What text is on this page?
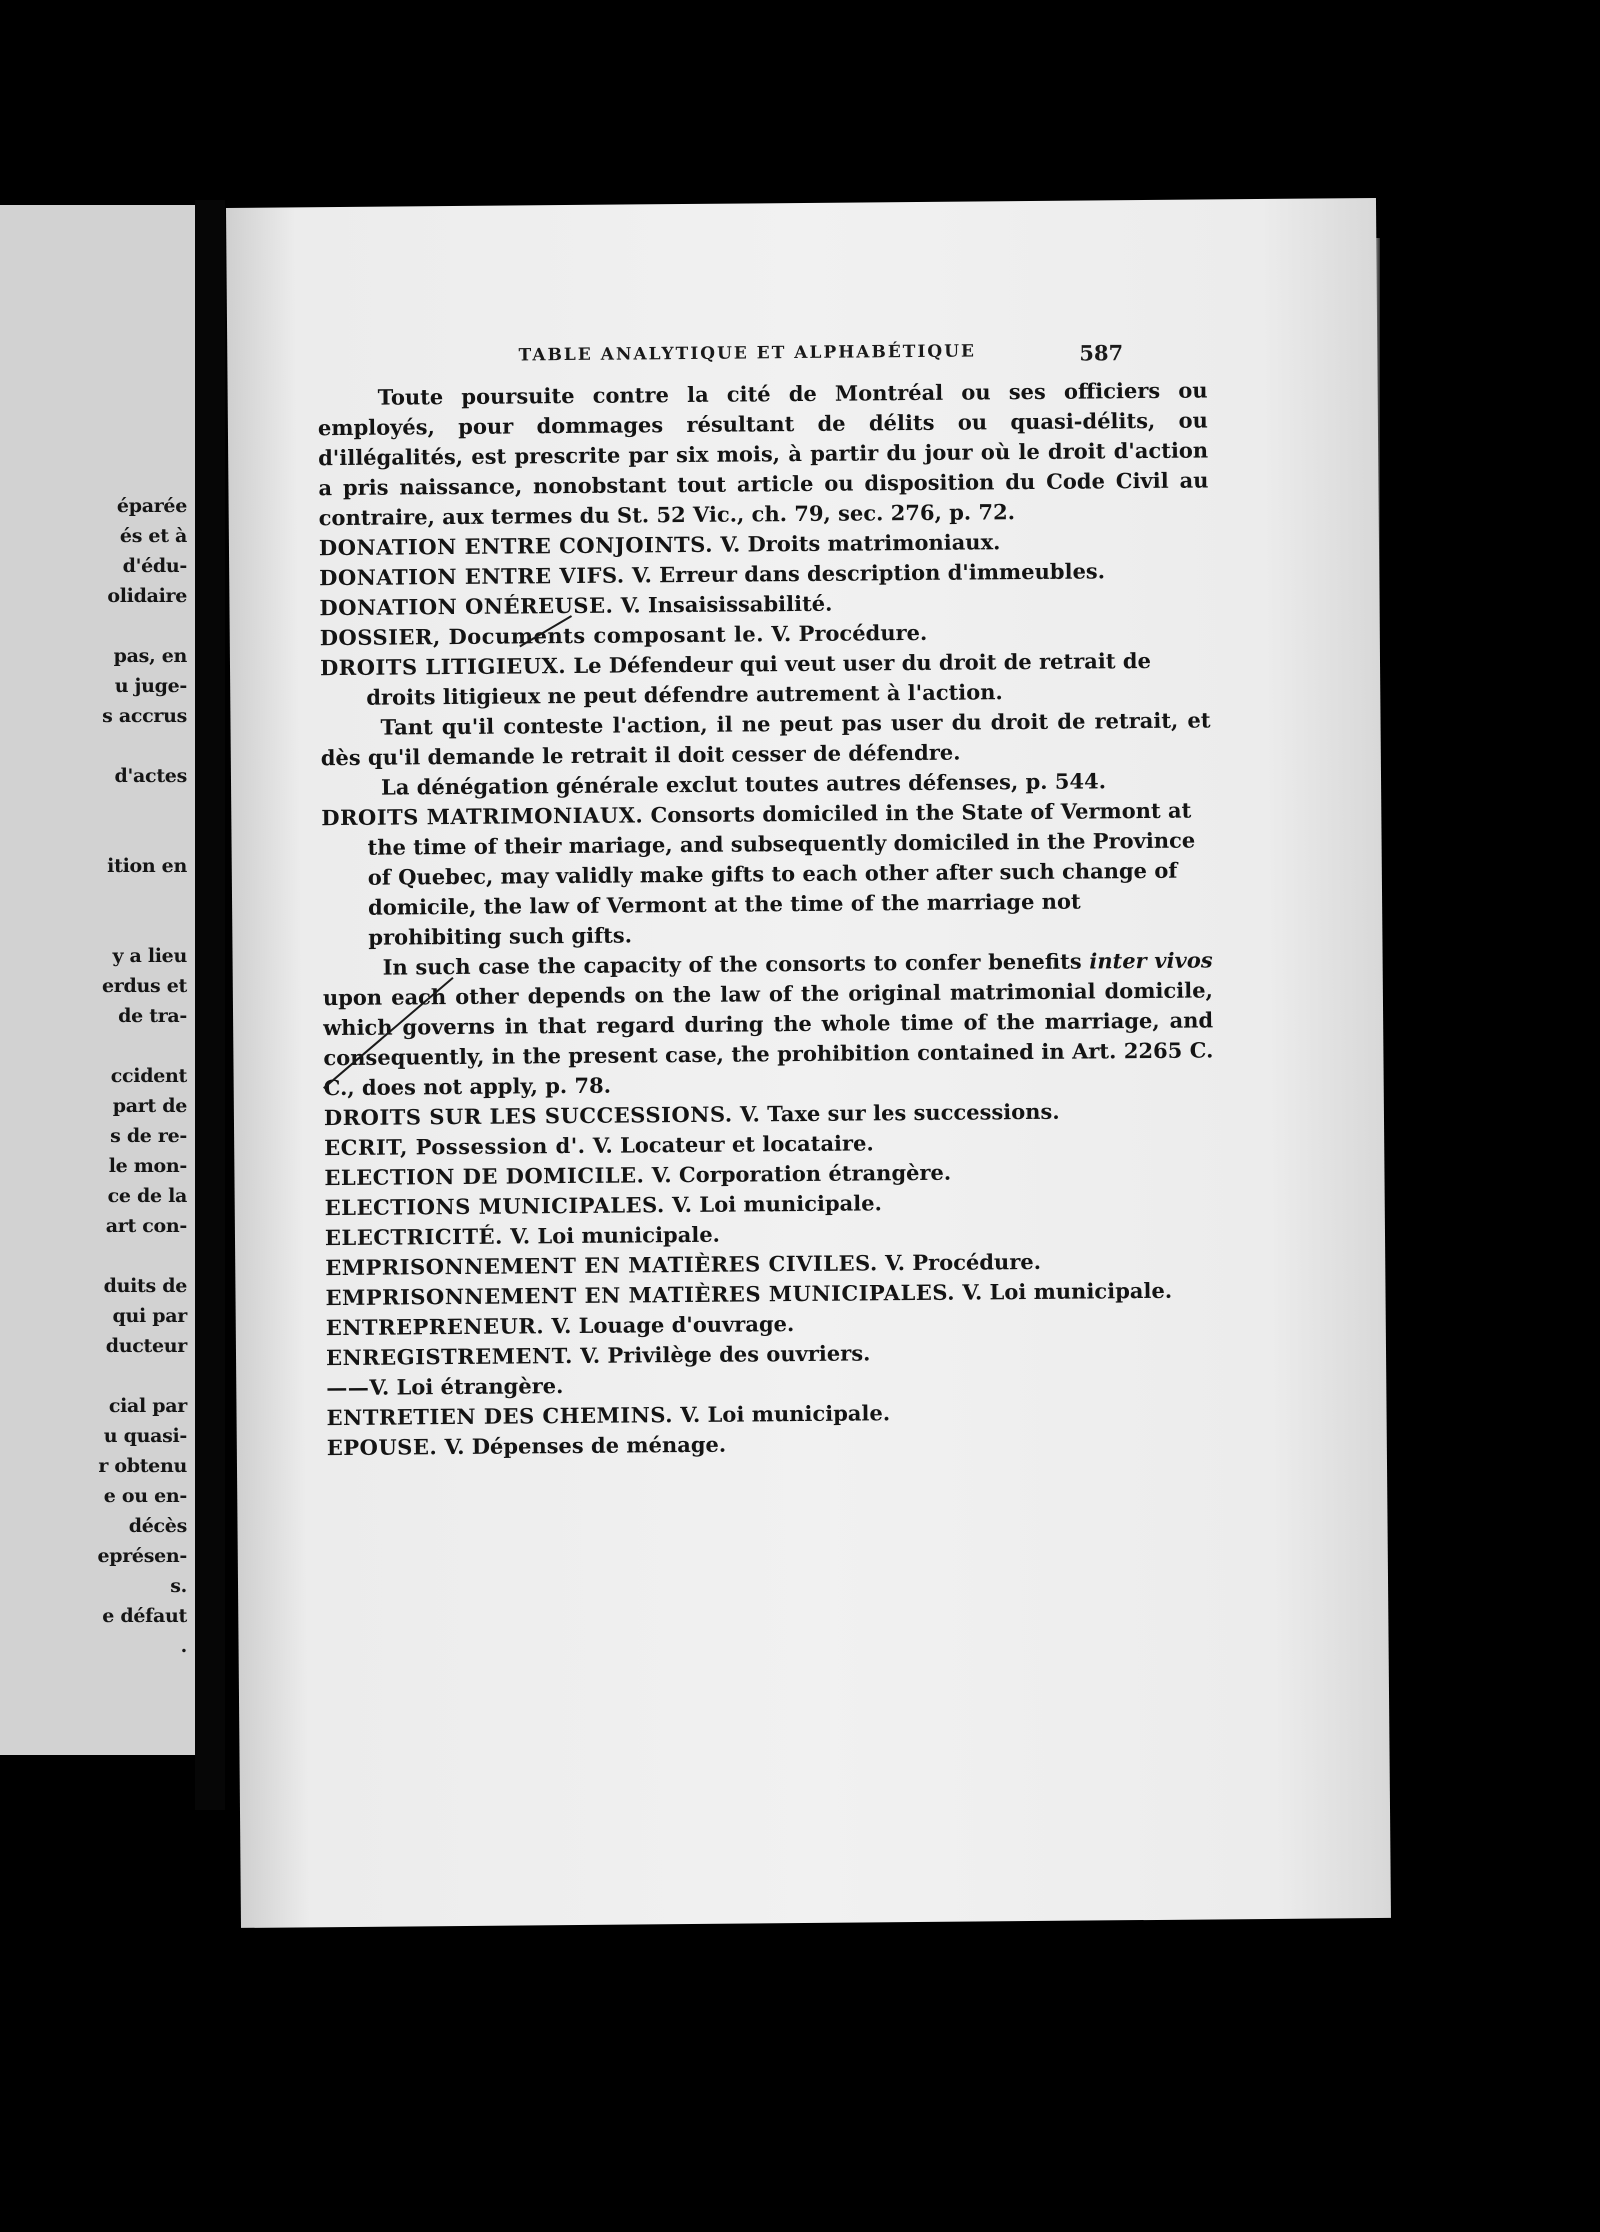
éparée
és et à
d'édu-
olidaire
pas, en
u juge-
s accrus
d'actes
ition en
y a lieu
erdus et
de tra-
ccident
part de
s de re-
le mon-
ce de la
art con-
duits de
qui par
ducteur
cial par
u quasi-
r obtenu
e ou en-
décès
eprésen-
s.
e défaut
.
TABLE ANALYTIQUE ET ALPHABÉTIQUE	587

Toute poursuite contre la cité de Montréal ou ses officiers ou employés, pour dommages résultant de délits ou quasi-délits, ou d'illégalités, est prescrite par six mois, à partir du jour où le droit d'action a pris naissance, nonobstant tout article ou disposition du Code Civil au contraire, aux termes du St. 52 Vic., ch. 79, sec. 276, p. 72.

DONATION ENTRE CONJOINTS. V. Droits matrimoniaux.

DONATION ENTRE VIFS. V. Erreur dans description d'immeubles.

DONATION ONÉREUSE. V. Insaisissabilité.

DOSSIER, Documents composant le. V. Procédure.

DROITS LITIGIEUX. Le Défendeur qui veut user du droit de retrait de droits litigieux ne peut défendre autrement à l'action.

Tant qu'il conteste l'action, il ne peut pas user du droit de retrait, et dès qu'il demande le retrait il doit cesser de défendre.

La dénégation générale exclut toutes autres défenses, p. 544.

DROITS MATRIMONIAUX. Consorts domiciled in the State of Vermont at the time of their mariage, and subsequently domiciled in the Province of Quebec, may validly make gifts to each other after such change of domicile, the law of Vermont at the time of the marriage not prohibiting such gifts.

In such case the capacity of the consorts to confer benefits inter vivos upon each other depends on the law of the original matrimonial domicile, which governs in that regard during the whole time of the marriage, and consequently, in the present case, the prohibition contained in Art. 2265 C. C., does not apply, p. 78.

DROITS SUR LES SUCCESSIONS. V. Taxe sur les successions.

ECRIT, Possession d'. V. Locateur et locataire.

ELECTION DE DOMICILE. V. Corporation étrangère.

ELECTIONS MUNICIPALES. V. Loi municipale.

ELECTRICITÉ. V. Loi municipale.

EMPRISONNEMENT EN MATIÈRES CIVILES. V. Procédure.

EMPRISONNEMENT EN MATIÈRES MUNICIPALES. V. Loi municipale.

ENTREPRENEUR. V. Louage d'ouvrage.

ENREGISTREMENT. V. Privilège des ouvriers.

——V. Loi étrangère.

ENTRETIEN DES CHEMINS. V. Loi municipale.

EPOUSE. V. Dépenses de ménage.
